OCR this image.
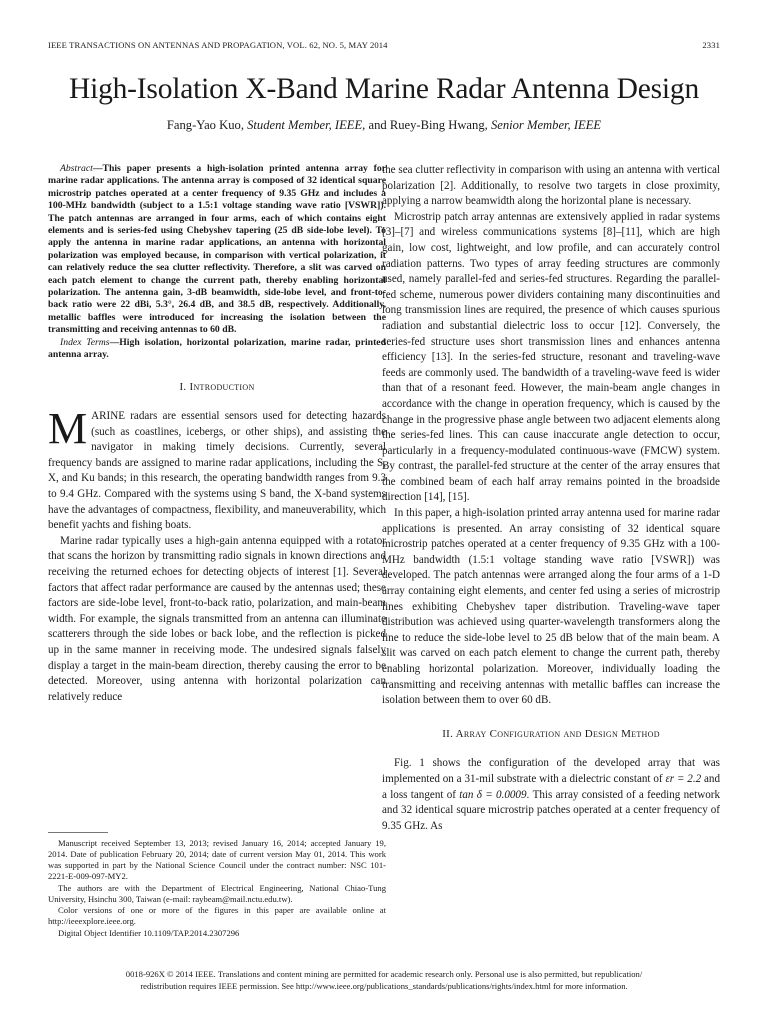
IEEE TRANSACTIONS ON ANTENNAS AND PROPAGATION, VOL. 62, NO. 5, MAY 2014	2331
High-Isolation X-Band Marine Radar Antenna Design
Fang-Yao Kuo, Student Member, IEEE, and Ruey-Bing Hwang, Senior Member, IEEE

Abstract—This paper presents a high-isolation printed antenna array for marine radar applications. The antenna array is composed of 32 identical square microstrip patches operated at a center frequency of 9.35 GHz and includes a 100-MHz bandwidth (subject to a 1.5:1 voltage standing wave ratio [VSWR]). The patch antennas are arranged in four arms, each of which contains eight elements and is series-fed using Chebyshev tapering (25 dB side-lobe level). To apply the antenna in marine radar applications, an antenna with horizontal polarization was employed because, in comparison with vertical polarization, it can relatively reduce the sea clutter reflectivity. Therefore, a slit was carved on each patch element to change the current path, thereby enabling horizontal polarization. The antenna gain, 3-dB beamwidth, side-lobe level, and front-to-back ratio were 22 dBi, 5.3°, 26.4 dB, and 38.5 dB, respectively. Additionally, metallic baffles were introduced for increasing the isolation between the transmitting and receiving antennas to 60 dB.

Index Terms—High isolation, horizontal polarization, marine radar, printed antenna array.

I. Introduction

MARINE radars are essential sensors used for detecting hazards (such as coastlines, icebergs, or other ships), and assisting the navigator in making timely decisions. Currently, several frequency bands are assigned to marine radar applications, including the S, X, and Ku bands; in this research, the operating bandwidth ranges from 9.3 to 9.4 GHz. Compared with the systems using S band, the X-band systems have the advantages of compactness, flexibility, and maneuverability, which benefit yachts and fishing boats.

Marine radar typically uses a high-gain antenna equipped with a rotator that scans the horizon by transmitting radio signals in known directions and receiving the returned echoes for detecting objects of interest [1]. Several factors that affect radar performance are caused by the antennas used; these factors are side-lobe level, front-to-back ratio, polarization, and main-beam width. For example, the signals transmitted from an antenna can illuminate scatterers through the side lobes or back lobe, and the reflection is picked up in the same manner in receiving mode. The undesired signals falsely display a target in the main-beam direction, thereby causing the error to be detected. Moreover, using antenna with horizontal polarization can relatively reduce

Manuscript received September 13, 2013; revised January 16, 2014; accepted January 19, 2014. Date of publication February 20, 2014; date of current version May 01, 2014. This work was supported in part by the National Science Council under the contract number: NSC 101-2221-E-009-097-MY2.

The authors are with the Department of Electrical Engineering, National Chiao-Tung University, Hsinchu 300, Taiwan (e-mail: raybeam@mail.nctu.edu.tw).

Color versions of one or more of the figures in this paper are available online at http://ieeexplore.ieee.org.

Digital Object Identifier 10.1109/TAP.2014.2307296

the sea clutter reflectivity in comparison with using an antenna with vertical polarization [2]. Additionally, to resolve two targets in close proximity, applying a narrow beamwidth along the horizontal plane is necessary.

Microstrip patch array antennas are extensively applied in radar systems [3]–[7] and wireless communications systems [8]–[11], which are high gain, low cost, lightweight, and low profile, and can accurately control radiation patterns. Two types of array feeding structures are commonly used, namely parallel-fed and series-fed structures. Regarding the parallel-fed scheme, numerous power dividers containing many discontinuities and long transmission lines are required, the presence of which causes spurious radiation and substantial dielectric loss to occur [12]. Conversely, the series-fed structure uses short transmission lines and enhances antenna efficiency [13]. In the series-fed structure, resonant and traveling-wave feeds are commonly used. The bandwidth of a traveling-wave feed is wider than that of a resonant feed. However, the main-beam angle changes in accordance with the change in operation frequency, which is caused by the change in the progressive phase angle between two adjacent elements along the series-fed lines. This can cause inaccurate angle detection to occur, particularly in a frequency-modulated continuous-wave (FMCW) system. By contrast, the parallel-fed structure at the center of the array ensures that the combined beam of each half array remains pointed in the broadside direction [14], [15].

In this paper, a high-isolation printed array antenna used for marine radar applications is presented. An array consisting of 32 identical square microstrip patches operated at a center frequency of 9.35 GHz with a 100-MHz bandwidth (1.5:1 voltage standing wave ratio [VSWR]) was developed. The patch antennas were arranged along the four arms of a 1-D array containing eight elements, and center fed using a series of microstrip lines exhibiting Chebyshev taper distribution. Traveling-wave taper distribution was achieved using quarter-wavelength transformers along the line to reduce the side-lobe level to 25 dB below that of the main beam. A slit was carved on each patch element to change the current path, thereby enabling horizontal polarization. Moreover, individually loading the transmitting and receiving antennas with metallic baffles can increase the isolation between them to over 60 dB.

II. Array Configuration and Design Method

Fig. 1 shows the configuration of the developed array that was implemented on a 31-mil substrate with a dielectric constant of εr = 2.2 and a loss tangent of tan δ = 0.0009. This array consisted of a feeding network and 32 identical square microstrip patches operated at a center frequency of 9.35 GHz. As

0018-926X © 2014 IEEE. Translations and content mining are permitted for academic research only. Personal use is also permitted, but republication/
redistribution requires IEEE permission. See http://www.ieee.org/publications_standards/publications/rights/index.html for more information.
